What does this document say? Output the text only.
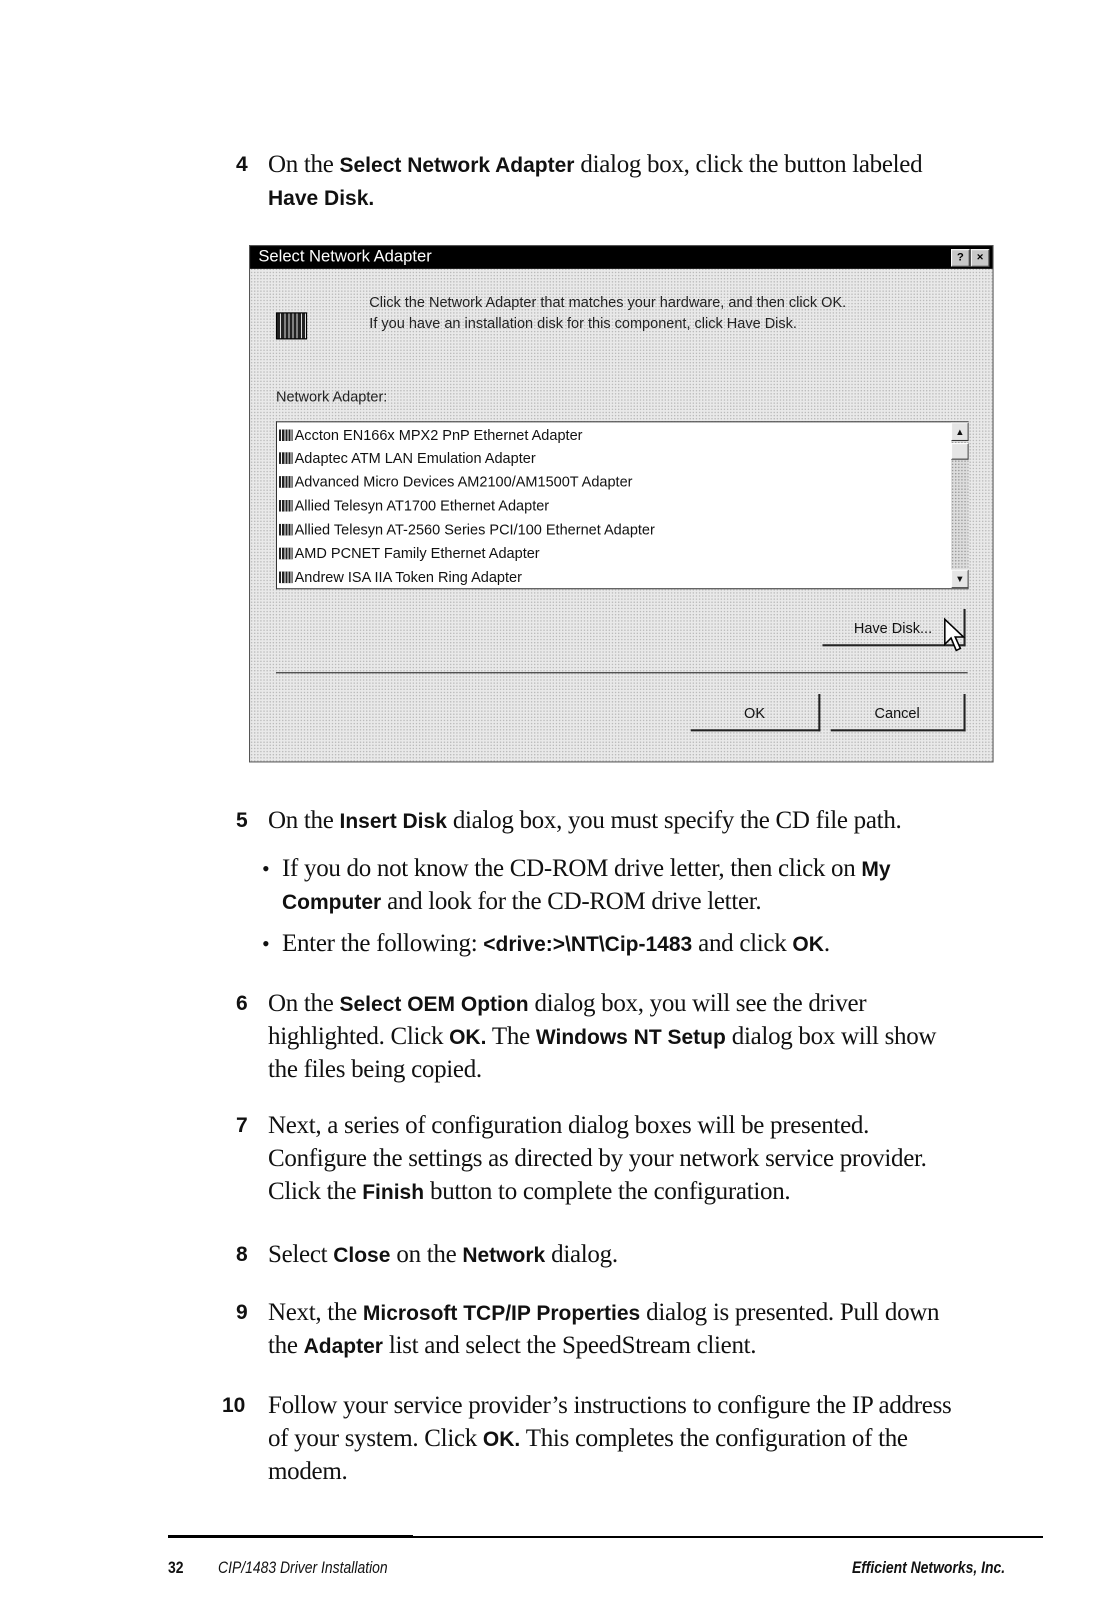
4 On the Select Network Adapter dialog box, click the button labeled
Have Disk.
Select Network Adapter	?	×
Click the Network Adapter that matches your hardware, and then click OK.
If you have an installation disk for this component, click Have Disk.
Network Adapter:
Accton EN166x MPX2 PnP Ethernet Adapter
Adaptec ATM LAN Emulation Adapter
Advanced Micro Devices AM2100/AM1500T Adapter
Allied Telesyn AT1700 Ethernet Adapter
Allied Telesyn AT-2560 Series PCI/100 Ethernet Adapter
AMD PCNET Family Ethernet Adapter
Andrew ISA IIA Token Ring Adapter
▲
▼
Have Disk...
OK	Cancel
5 On the Insert Disk dialog box, you must specify the CD file path.
• If you do not know the CD-ROM drive letter, then click on My
Computer and look for the CD-ROM drive letter.
• Enter the following: <drive:>\NT\Cip-1483 and click OK.
6 On the Select OEM Option dialog box, you will see the driver
highlighted. Click OK. The Windows NT Setup dialog box will show
the files being copied.
7 Next, a series of configuration dialog boxes will be presented.
Configure the settings as directed by your network service provider.
Click the Finish button to complete the configuration.
8 Select Close on the Network dialog.
9 Next, the Microsoft TCP/IP Properties dialog is presented. Pull down
the Adapter list and select the SpeedStream client.
10 Follow your service provider’s instructions to configure the IP address
of your system. Click OK. This completes the configuration of the
modem.
32 CIP/1483 Driver Installation	Efficient Networks, Inc.
